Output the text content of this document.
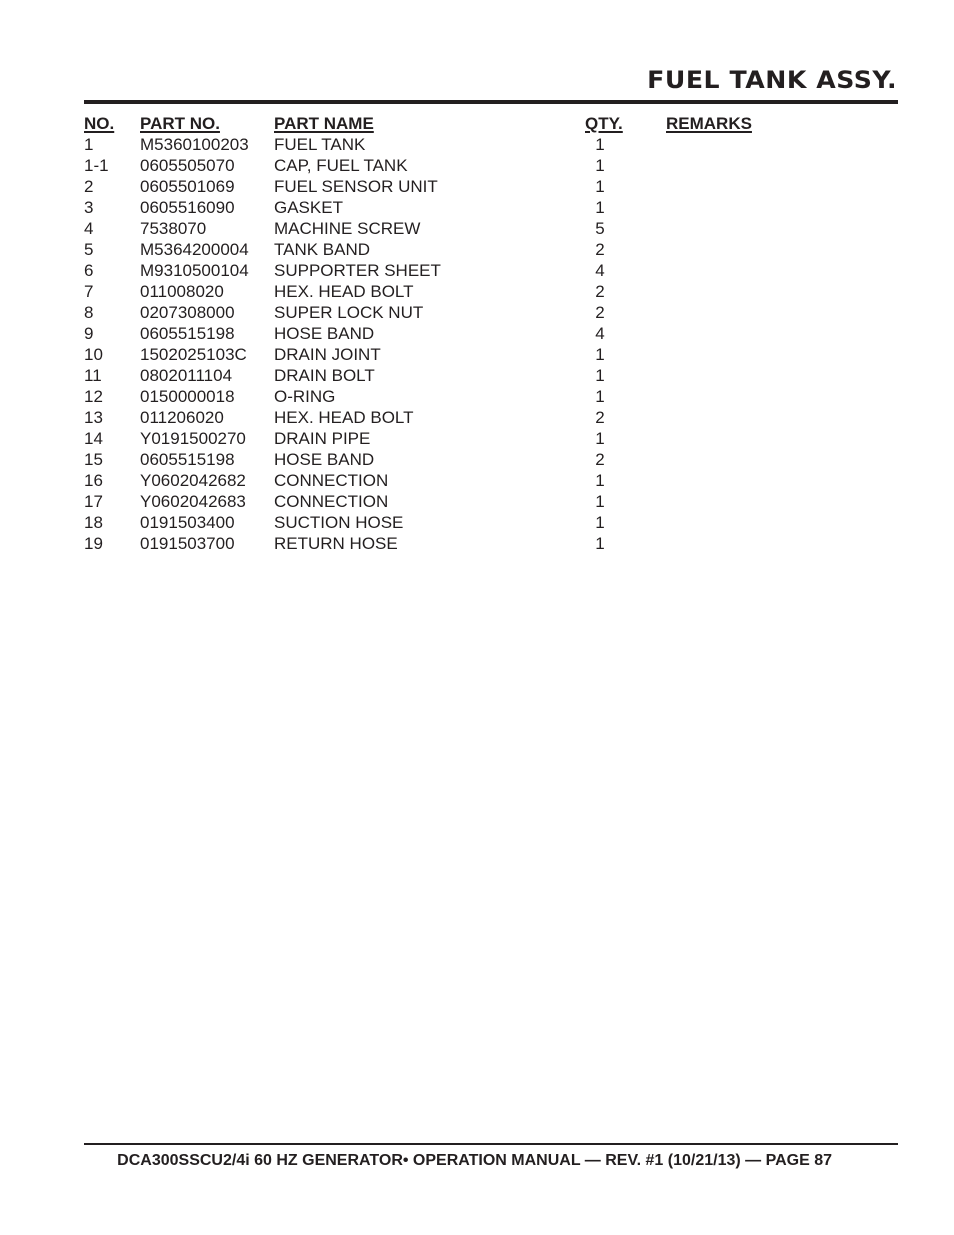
FUEL TANK ASSY.
NO. PART NO.	PART NAME	QTY.	REMARKS
1	M5360100203 FUEL TANK	1
1-1 0605505070 CAP, FUEL TANK	1
2	0605501069 FUEL SENSOR UNIT	1
3	0605516090 GASKET	1
4	7538070	MACHINE SCREW	5
5	M5364200004 TANK BAND	2
6	M9310500104 SUPPORTER SHEET	4
7	011008020	HEX. HEAD BOLT	2
8	0207308000 SUPER LOCK NUT	2
9	0605515198 HOSE BAND	4
10 1502025103C DRAIN JOINT	1
11 0802011104 DRAIN BOLT	1
12 0150000018 O-RING	1
13 011206020	HEX. HEAD BOLT	2
14 Y0191500270 DRAIN PIPE	1
15 0605515198 HOSE BAND	2
16 Y0602042682 CONNECTION	1
17 Y0602042683 CONNECTION	1
18 0191503400 SUCTION HOSE	1
19 0191503700 RETURN HOSE	1
DCA300SSCU2/4i 60 HZ GENERATOR• OPERATION MANUAL — REV. #1 (10/21/13) — PAGE 87
